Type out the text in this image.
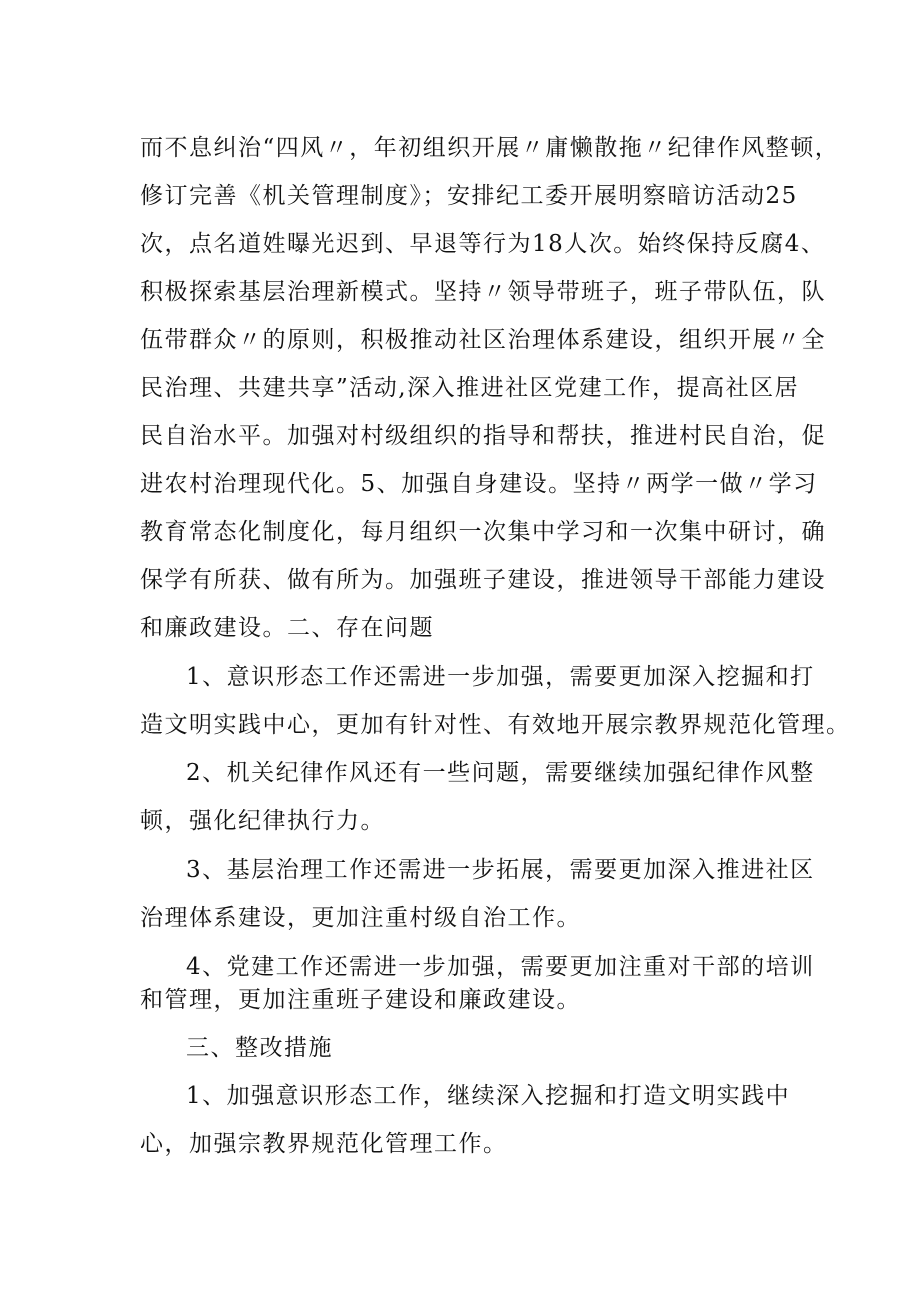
而不息纠治“四风〃，年初组织开展〃庸懒散拖〃纪律作风整顿，
修订完善《机关管理制度》；安排纪工委开展明察暗访活动25
次，点名道姓曝光迟到、早退等行为18人次。始终保持反腐4、
积极探索基层治理新模式。坚持〃领导带班子，班子带队伍，队
伍带群众〃的原则，积极推动社区治理体系建设，组织开展〃全
民治理、共建共享”活动,深入推进社区党建工作，提高社区居
民自治水平。加强对村级组织的指导和帮扶，推进村民自治，促
进农村治理现代化。5、加强自身建设。坚持〃两学一做〃学习
教育常态化制度化，每月组织一次集中学习和一次集中研讨，确
保学有所获、做有所为。加强班子建设，推进领导干部能力建设
和廉政建设。二、存在问题
1、意识形态工作还需进一步加强，需要更加深入挖掘和打
造文明实践中心，更加有针对性、有效地开展宗教界规范化管理。
2、机关纪律作风还有一些问题，需要继续加强纪律作风整
顿，强化纪律执行力。
3、基层治理工作还需进一步拓展，需要更加深入推进社区
治理体系建设，更加注重村级自治工作。
4、党建工作还需进一步加强，需要更加注重对干部的培训
和管理，更加注重班子建设和廉政建设。
三、整改措施
1、加强意识形态工作，继续深入挖掘和打造文明实践中
心，加强宗教界规范化管理工作。
